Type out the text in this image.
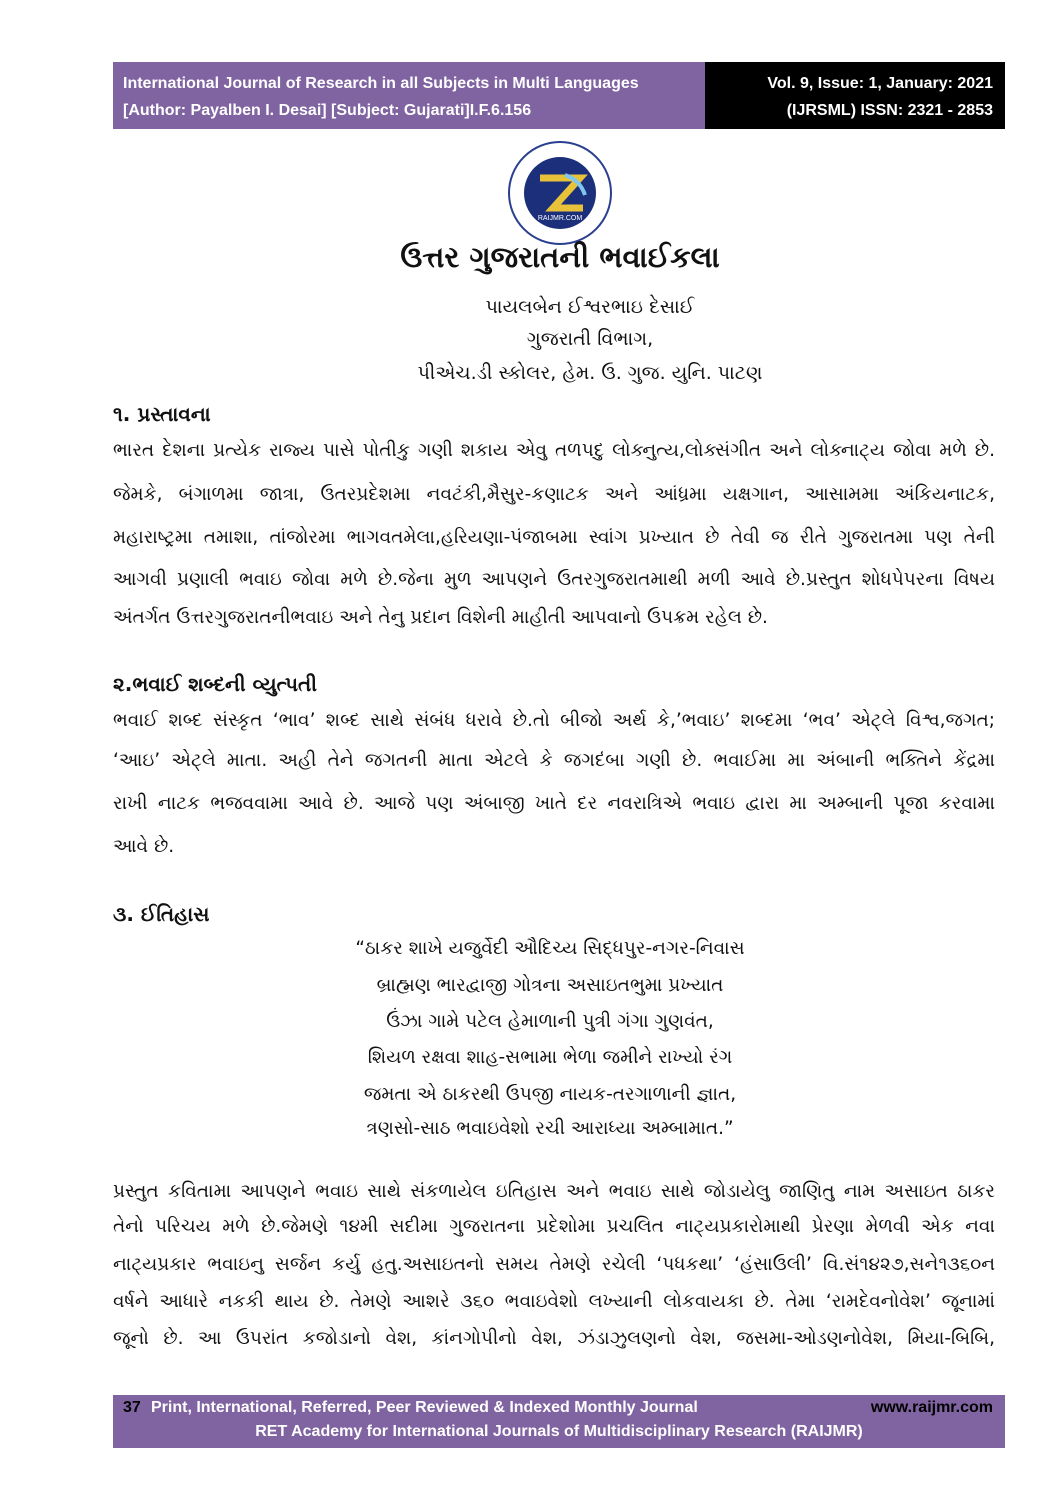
International Journal of Research in all Subjects in Multi Languages
[Author: Payalben I. Desai] [Subject: Gujarati]I.F.6.156
Vol. 9, Issue: 1, January: 2021
(IJRSML) ISSN: 2321 - 2853
RAIJMR.COM
ઉત્તર ગુજરાતની ભવાઈકલા
પાયલબેન ઈશ્વરભાઇ દેસાઈ
ગુજરાતી વિભાગ,
પીએચ.ડી સ્કોલર, હેમ. ઉ. ગુજ. યુનિ. પાટણ
૧. પ્રસ્તાવના
ભારત દેશના પ્રત્યેક રાજ્ય પાસે પોતીકુ ગણી શકાય એવુ તળપદુ લોક્નુત્ય,લોક્સંગીત અને લોક્નાટ્ય જોવા મળે છે.
જેમકે, બંગાળમા જાત્રા, ઉતરપ્રદેશમા નવટંકી,મૈસુર-કણાટક અને આંધ્રમા યક્ષગાન, આસામમા અંકિયનાટક,
મહારાષ્ટ્રમા તમાશા, તાંજોરમા ભાગવતમેલા,હરિયણા-પંજાબમા સ્વાંગ પ્રખ્યાત છે તેવી જ રીતે ગુજરાતમા પણ તેની
આગવી પ્રણાલી ભવાઇ જોવા મળે છે.જેના મુળ આપણને ઉતરગુજરાતમાથી મળી આવે છે.પ્રસ્તુત શોધપેપરના વિષય
અંતર્ગત ઉત્તરગુજરાતનીભવાઇ અને તેનુ પ્રદાન વિશેની માહીતી આપવાનો ઉપક્રમ રહેલ છે.
૨.ભવાઈ શબ્દની વ્યુત્પતી
ભવાઈ શબ્દ સંસ્કૃત ‘ભાવ’ શબ્દ સાથે સંબંધ ધરાવે છે.તો બીજો અર્થ કે,’ભવાઇ’ શબ્દમા ‘ભવ’ એટ્લે વિશ્વ,જગત;
‘આઇ’ એટ્લે માતા. અહી તેને જગતની માતા એટલે કે જગદંબા ગણી છે. ભવાઈમા મા અંબાની ભક્તિને કેંદ્રમા
રાખી નાટક ભજવવામા આવે છે. આજે પણ અંબાજી ખાતે દર નવરાત્રિએ ભવાઇ દ્વારા મા અમ્બાની પૂજા કરવામા
આવે છે.
૩. ઈતિહાસ
“ઠાકર શાખે યજુર્વેદી ઔદિચ્ય સિદ્ધપુર-નગર-નિવાસ
બ્રાહ્મણ ભારદ્વાજી ગોત્રના અસાઇતભુમા પ્રખ્યાત
ઉંઝા ગામે પટેલ હેમાળાની પુત્રી ગંગા ગુણવંત,
શિયળ રક્ષવા શાહ-સભામા ભેળા જમીને રાખ્યો રંગ
જમતા એ ઠાકરથી ઉપજી નાયક-તરગાળાની જ્ઞાત,
ત્રણસો-સાઠ ભવાઇવેશો રચી આરાધ્યા અમ્બામાત.”
પ્રસ્તુત કવિતામા આપણને ભવાઇ સાથે સંકળાયેલ ઇતિહાસ અને ભવાઇ સાથે જોડાયેલુ જાણિતુ નામ અસાઇત ઠાકર
તેનો પરિચય મળે છે.જેમણે ૧૪મી સદીમા ગુજરાતના પ્રદેશોમા પ્રચલિત નાટ્યપ્રકારોમાથી પ્રેરણા મેળવી એક નવા
નાટ્યપ્રકાર ભવાઇનુ સર્જન કર્યુ હતુ.અસાઇતનો સમય તેમણે રચેલી ‘પધકથા’ ‘હંસાઉલી’ વિ.સં૧૪૨૭,સને૧૩૬૦ન
વર્ષને આધારે નકકી થાય છે. તેમણે આશરે ૩૬૦ ભવાઇવેશો લખ્યાની લોકવાયકા છે. તેમા ‘રામદેવનોવેશ’ જૂનામાં
જૂનો છે. આ ઉપરાંત કજોડાનો વેશ, કાંનગોપીનો વેશ, ઝંડાઝુલણનો વેશ, જસમા-ઓડણનોવેશ, મિયા-બિબિ,
37 Print, International, Referred, Peer Reviewed & Indexed Monthly Journal	www.raijmr.com
RET Academy for International Journals of Multidisciplinary Research (RAIJMR)
